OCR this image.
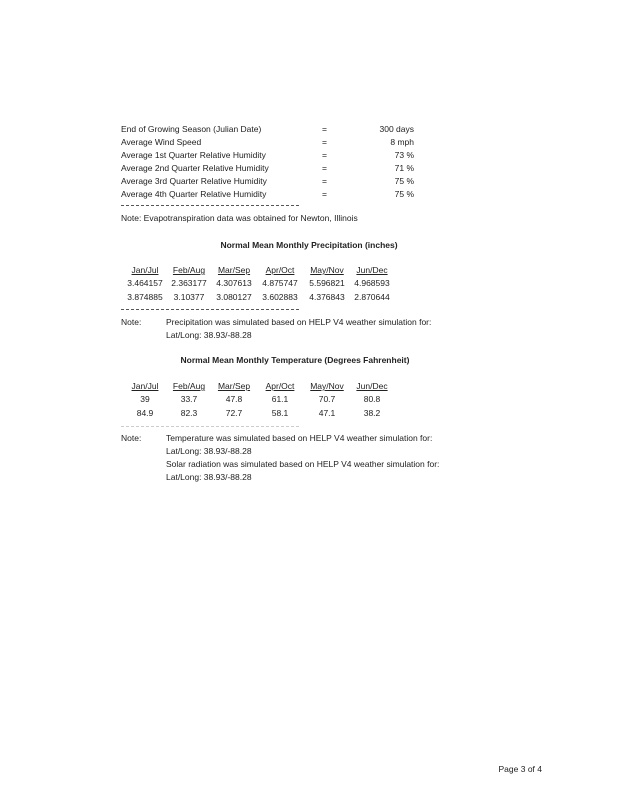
End of Growing Season (Julian Date)	=	300 days
Average Wind Speed	=	8 mph
Average 1st Quarter Relative Humidity	=	73 %
Average 2nd Quarter Relative Humidity	=	71 %
Average 3rd Quarter Relative Humidity	=	75 %
Average 4th Quarter Relative Humidity	=	75 %
Note: Evapotranspiration data was obtained for Newton, Illinois
Normal Mean Monthly Precipitation (inches)
Jan/Jul	Feb/Aug	Mar/Sep	Apr/Oct	May/Nov	Jun/Dec
3.464157	2.363177	4.307613	4.875747	5.596821	4.968593
3.874885	3.10377	3.080127	3.602883	4.376843	2.870644
Note:	Precipitation was simulated based on HELP V4 weather simulation for:
Lat/Long: 38.93/-88.28
Normal Mean Monthly Temperature (Degrees Fahrenheit)
Jan/Jul	Feb/Aug	Mar/Sep	Apr/Oct	May/Nov	Jun/Dec
39	33.7	47.8	61.1	70.7	80.8
84.9	82.3	72.7	58.1	47.1	38.2
Note:	Temperature was simulated based on HELP V4 weather simulation for:
Lat/Long: 38.93/-88.28
Solar radiation was simulated based on HELP V4 weather simulation for:
Lat/Long: 38.93/-88.28
Page 3 of 4
